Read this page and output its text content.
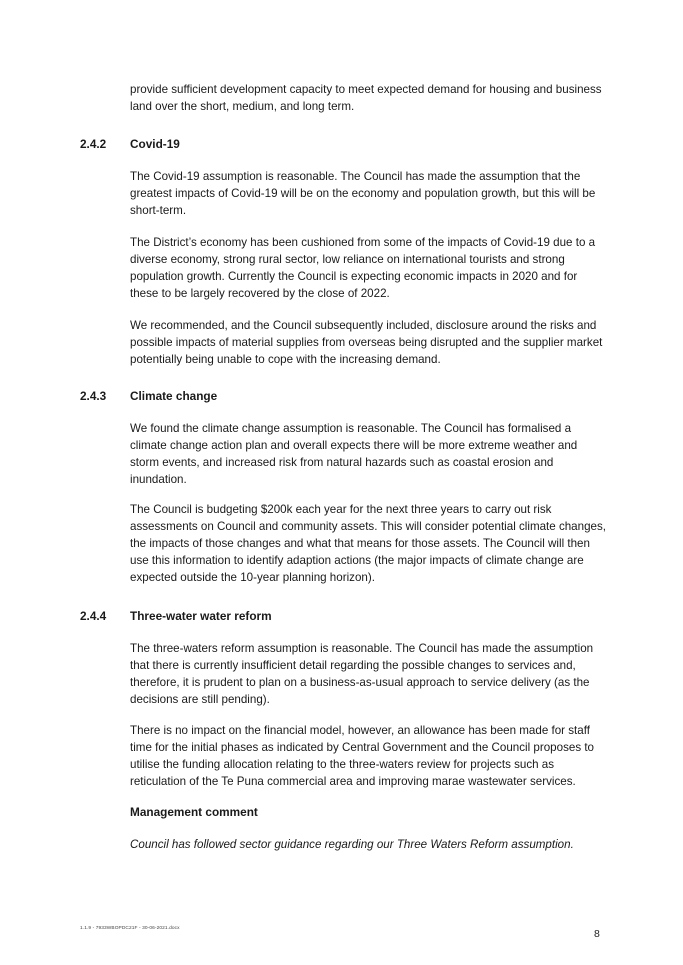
provide sufficient development capacity to meet expected demand for housing and business land over the short, medium, and long term.

2.4.2 Covid-19

The Covid-19 assumption is reasonable. The Council has made the assumption that the greatest impacts of Covid-19 will be on the economy and population growth, but this will be short-term.

The District’s economy has been cushioned from some of the impacts of Covid-19 due to a diverse economy, strong rural sector, low reliance on international tourists and strong population growth. Currently the Council is expecting economic impacts in 2020 and for these to be largely recovered by the close of 2022.

We recommended, and the Council subsequently included, disclosure around the risks and possible impacts of material supplies from overseas being disrupted and the supplier market potentially being unable to cope with the increasing demand.

2.4.3 Climate change

We found the climate change assumption is reasonable. The Council has formalised a climate change action plan and overall expects there will be more extreme weather and storm events, and increased risk from natural hazards such as coastal erosion and inundation.

The Council is budgeting $200k each year for the next three years to carry out risk assessments on Council and community assets. This will consider potential climate changes, the impacts of those changes and what that means for those assets. The Council will then use this information to identify adaption actions (the major impacts of climate change are expected outside the 10-year planning horizon).

2.4.4 Three-water water reform

The three-waters reform assumption is reasonable. The Council has made the assumption that there is currently insufficient detail regarding the possible changes to services and, therefore, it is prudent to plan on a business-as-usual approach to service delivery (as the decisions are still pending).

There is no impact on the financial model, however, an allowance has been made for staff time for the initial phases as indicated by Central Government and the Council proposes to utilise the funding allocation relating to the three-waters review for projects such as reticulation of the Te Puna commercial area and improving marae wastewater services.

Management comment

Council has followed sector guidance regarding our Three Waters Reform assumption.

1.1.9 - 7933WBOPDC21F - 30-06-2021.docx	8
